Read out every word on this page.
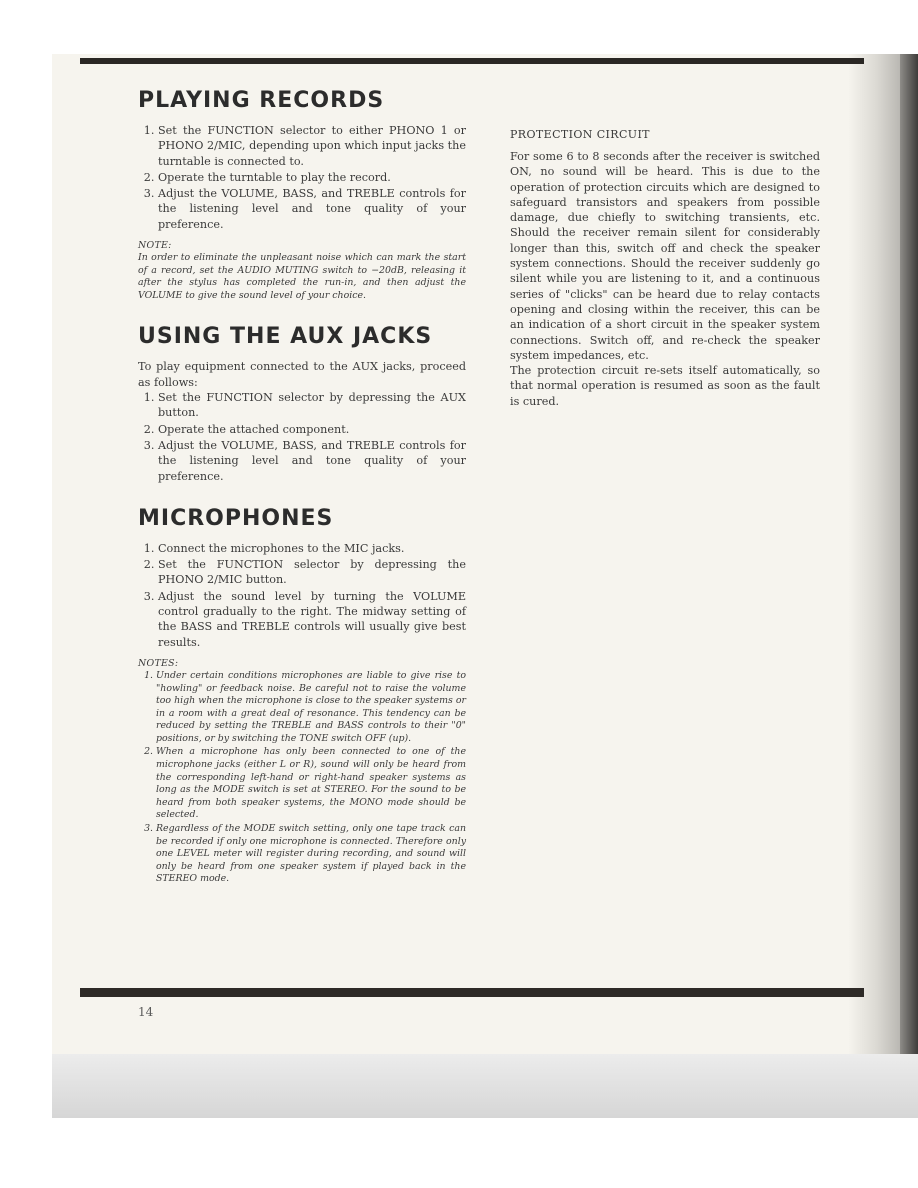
PLAYING RECORDS
1. Set the FUNCTION selector to either PHONO 1 or PHONO 2/MIC, depending upon which input jacks the turntable is connected to.
2. Operate the turntable to play the record.
3. Adjust the VOLUME, BASS, and TREBLE controls for the listening level and tone quality of your preference.
NOTE:

In order to eliminate the unpleasant noise which can mark the start of a record, set the AUDIO MUTING switch to −20dB, releasing it after the stylus has completed the run-in, and then adjust the VOLUME to give the sound level of your choice.

USING THE AUX JACKS

To play equipment connected to the AUX jacks, proceed as follows:

1. Set the FUNCTION selector by depressing the AUX button.
2. Operate the attached component.
3. Adjust the VOLUME, BASS, and TREBLE controls for the listening level and tone quality of your preference.
MICROPHONES
1. Connect the microphones to the MIC jacks.
2. Set the FUNCTION selector by depressing the PHONO 2/MIC button.
3. Adjust the sound level by turning the VOLUME control gradually to the right. The midway setting of the BASS and TREBLE controls will usually give best results.
NOTES:
1. Under certain conditions microphones are liable to give rise to "howling" or feedback noise. Be careful not to raise the volume too high when the microphone is close to the speaker systems or in a room with a great deal of resonance. This tendency can be reduced by setting the TREBLE and BASS controls to their "0" positions, or by switching the TONE switch OFF (up).
2. When a microphone has only been connected to one of the microphone jacks (either L or R), sound will only be heard from the corresponding left-hand or right-hand speaker systems as long as the MODE switch is set at STEREO. For the sound to be heard from both speaker systems, the MONO mode should be selected.
3. Regardless of the MODE switch setting, only one tape track can be recorded if only one microphone is connected. Therefore only one LEVEL meter will register during recording, and sound will only be heard from one speaker system if played back in the STEREO mode.
PROTECTION CIRCUIT

For some 6 to 8 seconds after the receiver is switched ON, no sound will be heard. This is due to the operation of protection circuits which are designed to safeguard transistors and speakers from possible damage, due chiefly to switching transients, etc. Should the receiver remain silent for considerably longer than this, switch off and check the speaker system connections. Should the receiver suddenly go silent while you are listening to it, and a continuous series of "clicks" can be heard due to relay contacts opening and closing within the receiver, this can be an indication of a short circuit in the speaker system connections. Switch off, and re-check the speaker system impedances, etc.

The protection circuit re-sets itself automatically, so that normal operation is resumed as soon as the fault is cured.

14
